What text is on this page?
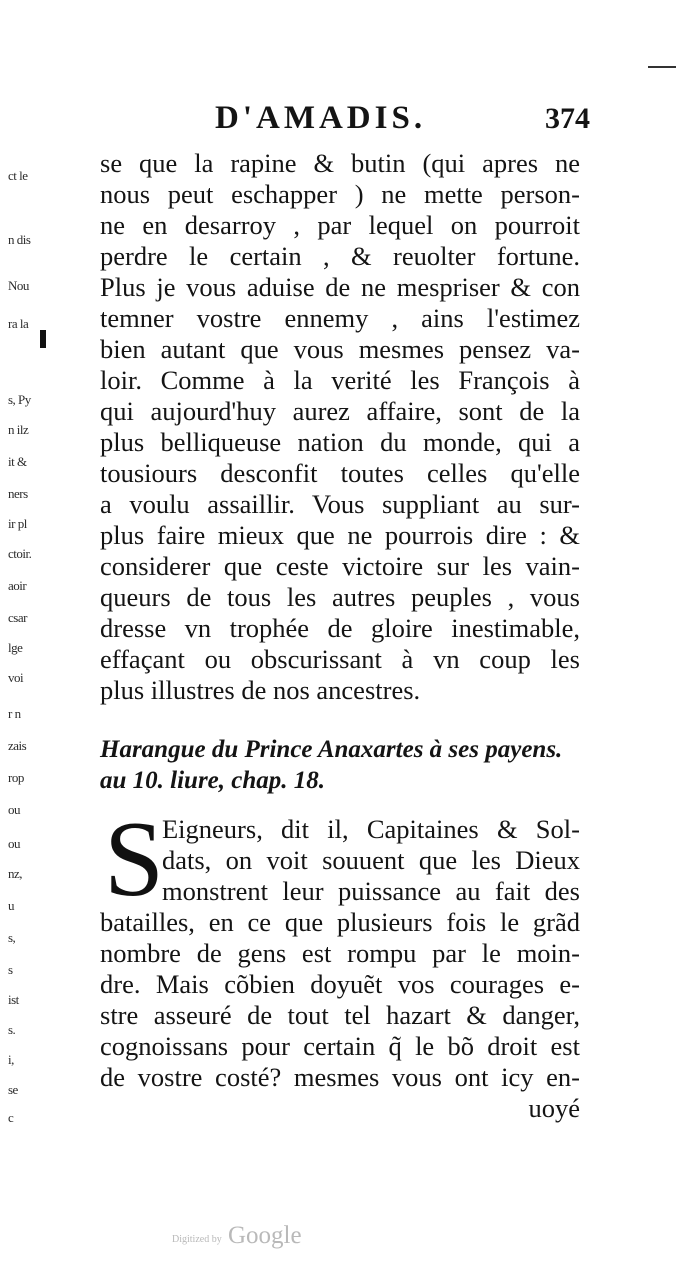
ct le
n dis
Nou
ra la
s, Py
n ilz
it &
ners
ir pl
ctoir.
aoir
csar
lge
voi
r n
zais
rop
ou
ou
nz,
u
s,
s
ist
s.
i,
se
c
D'AMADIS.	374
se que la rapine & butin (qui apres ne
nous peut eschapper ) ne mette person-
ne en desarroy , par lequel on pourroit
perdre le certain , & reuolter fortune.
Plus je vous aduise de ne mespriser & con
temner vostre ennemy , ains l'estimez
bien autant que vous mesmes pensez va-
loir. Comme à la verité les François à
qui aujourd'huy aurez affaire, sont de la
plus belliqueuse nation du monde, qui a
tousiours desconfit toutes celles qu'elle
a voulu assaillir. Vous suppliant au sur-
plus faire mieux que ne pourrois dire : &
considerer que ceste victoire sur les vain-
queurs de tous les autres peuples , vous
dresse vn trophée de gloire inestimable,
effaçant ou obscurissant à vn coup les
plus illustres de nos ancestres.
Harangue du Prince Anaxartes à ses payens.
au 10. liure, chap. 18.
S
Eigneurs, dit il, Capitaines & Sol-
dats, on voit souuent que les Dieux
monstrent leur puissance au fait des
batailles, en ce que plusieurs fois le grãd
nombre de gens est rompu par le moin-
dre. Mais cõbien doyuẽt vos courages e-
stre asseuré de tout tel hazart & danger,
cognoissans pour certain q̃ le bõ droit est
de vostre costé? mesmes vous ont icy en-
uoyé
Digitized by Google
